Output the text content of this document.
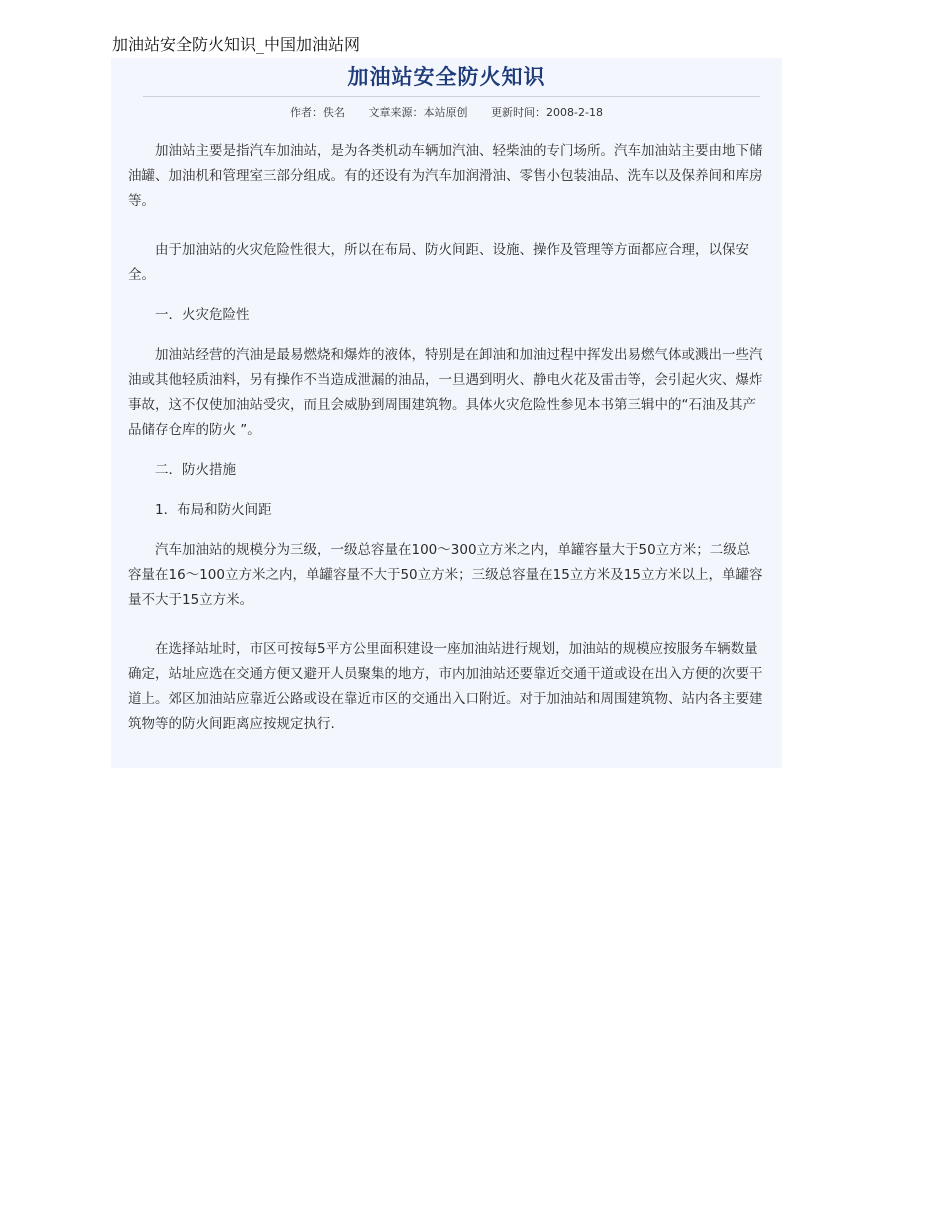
加油站安全防火知识_中国加油站网
加油站安全防火知识
作者：佚名 文章来源：本站原创 更新时间：2008-2-18

加油站主要是指汽车加油站，是为各类机动车辆加汽油、轻柴油的专门场所。汽车加油站主要由地下储油罐、加油机和管理室三部分组成。有的还设有为汽车加润滑油、零售小包装油品、洗车以及保养间和库房等。

由于加油站的火灾危险性很大，所以在布局、防火间距、设施、操作及管理等方面都应合理，以保安全。

一．火灾危险性

加油站经营的汽油是最易燃烧和爆炸的液体，特别是在卸油和加油过程中挥发出易燃气体或溅出一些汽油或其他轻质油料，另有操作不当造成泄漏的油品，一旦遇到明火、静电火花及雷击等，会引起火灾、爆炸事故，这不仅使加油站受灾，而且会威胁到周围建筑物。具体火灾危险性参见本书第三辑中的“石油及其产品储存仓库的防火 ”。

二．防火措施

1．布局和防火间距

汽车加油站的规模分为三级，一级总容量在100～300立方米之内，单罐容量大于50立方米；二级总容量在16～100立方米之内，单罐容量不大于50立方米；三级总容量在15立方米及15立方米以上，单罐容量不大于15立方米。

在选择站址时，市区可按每5平方公里面积建设一座加油站进行规划，加油站的规模应按服务车辆数量确定，站址应选在交通方便又避开人员聚集的地方，市内加油站还要靠近交通干道或设在出入方便的次要干道上。郊区加油站应靠近公路或设在靠近市区的交通出入口附近。对于加油站和周围建筑物、站内各主要建筑物等的防火间距离应按规定执行.
